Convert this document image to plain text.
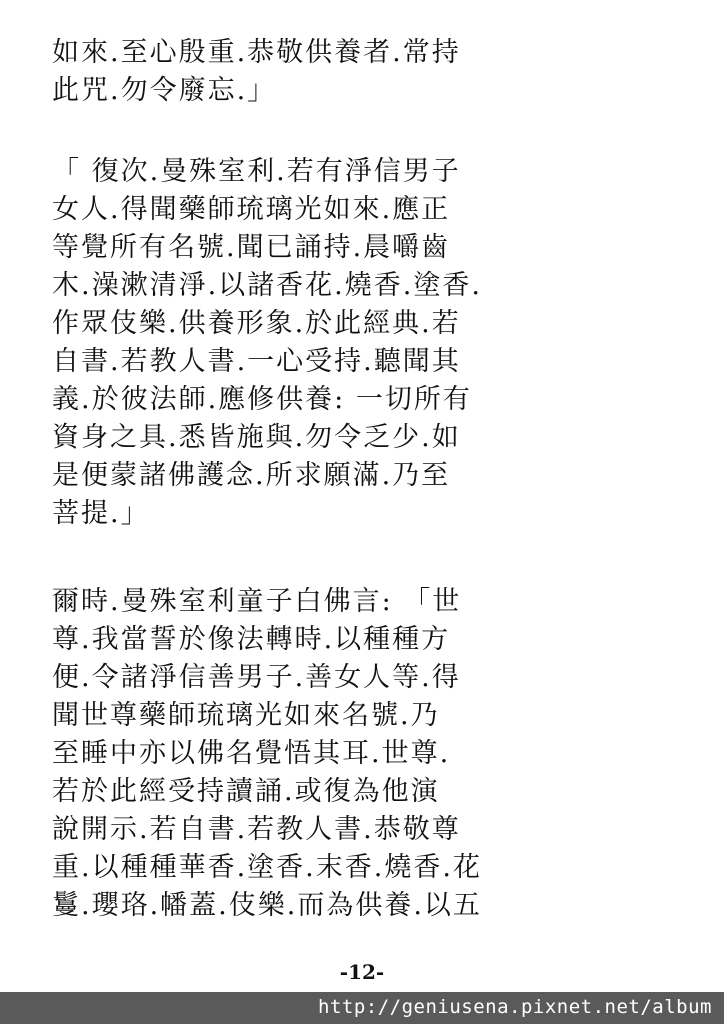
如來.至心殷重.恭敬供養者.常持
此咒.勿令廢忘.」
「 復次.曼殊室利.若有淨信男子
女人.得聞藥師琉璃光如來.應正
等覺所有名號.聞已誦持.晨嚼齒
木.澡漱清淨.以諸香花.燒香.塗香.
作眾伎樂.供養形象.於此經典.若
自書.若教人書.一心受持.聽聞其
義.於彼法師.應修供養: 一切所有
資身之具.悉皆施與.勿令乏少.如
是便蒙諸佛護念.所求願滿.乃至
菩提.」
爾時.曼殊室利童子白佛言: 「世
尊.我當誓於像法轉時.以種種方
便.令諸淨信善男子.善女人等.得
聞世尊藥師琉璃光如來名號.乃
至睡中亦以佛名覺悟其耳.世尊.
若於此經受持讀誦.或復為他演
說開示.若自書.若教人書.恭敬尊
重.以種種華香.塗香.末香.燒香.花
鬘.瓔珞.幡蓋.伎樂.而為供養.以五
-12-
http://geniusena.pixnet.net/album
